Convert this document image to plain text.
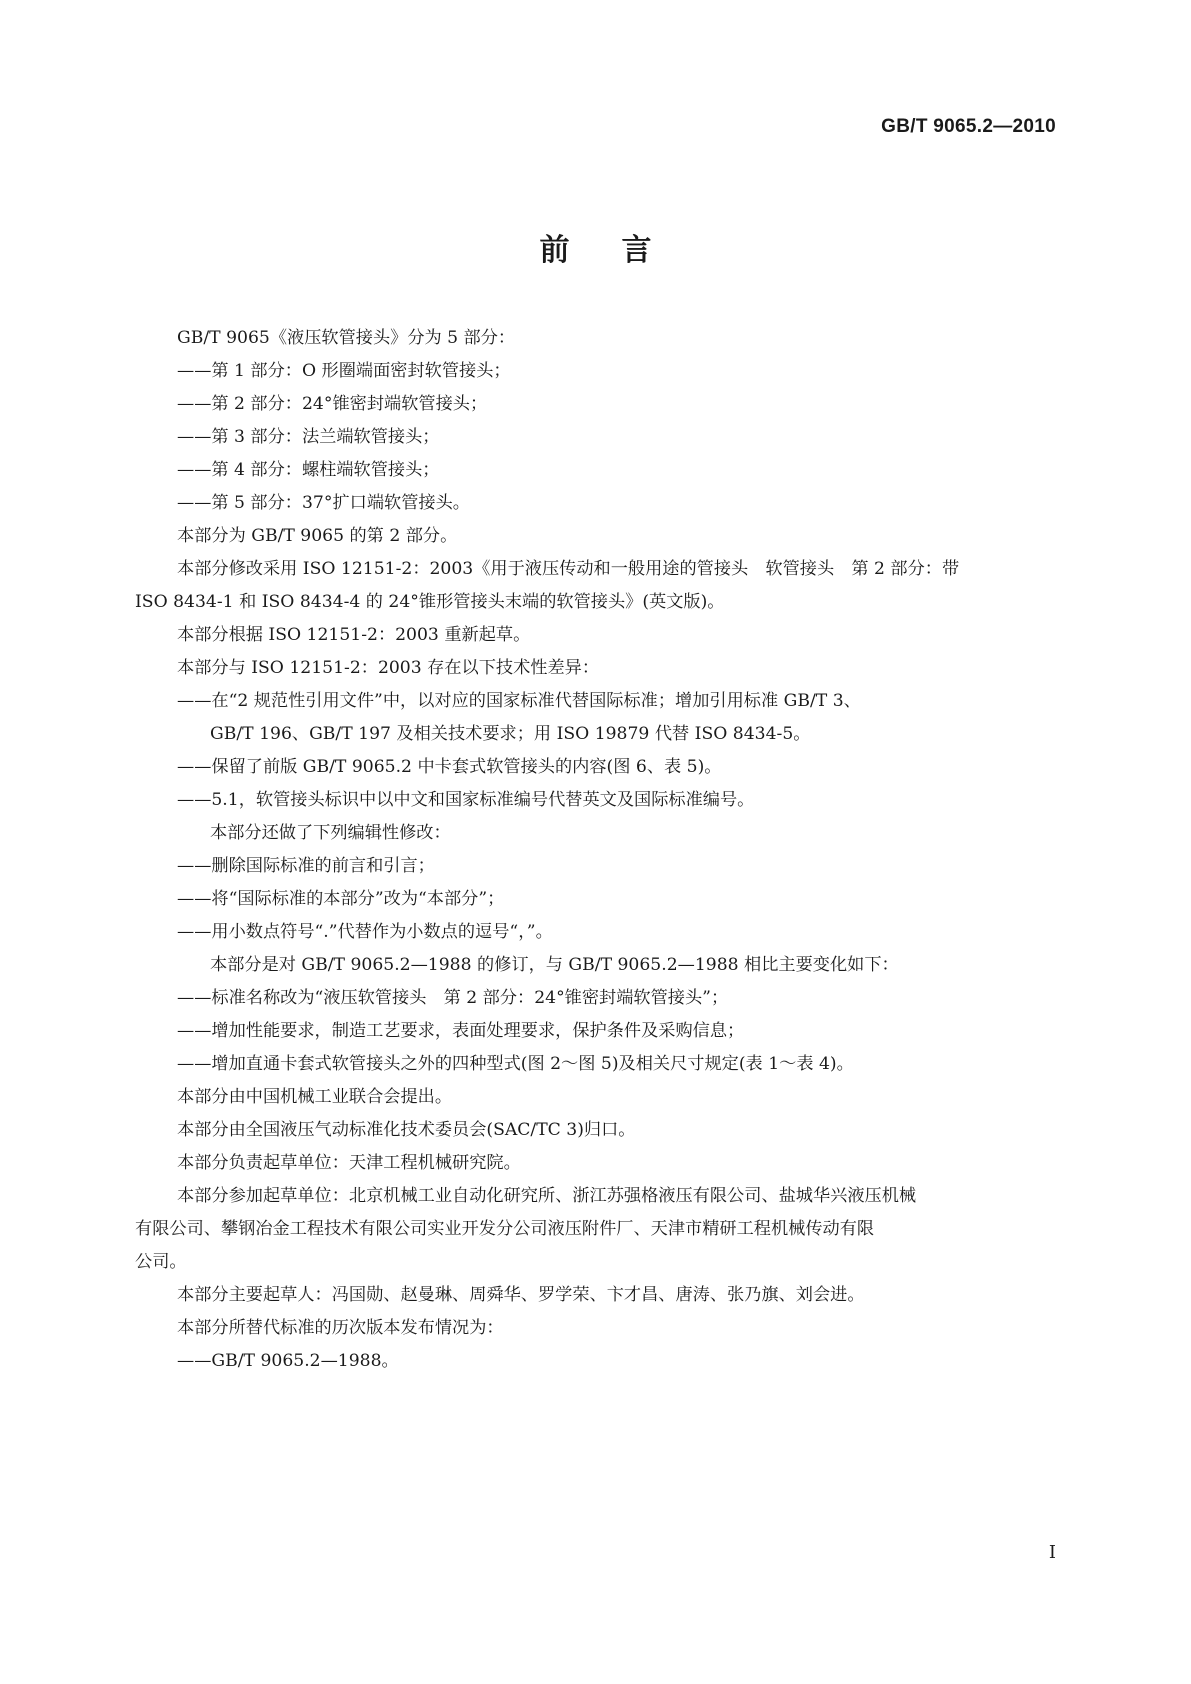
GB/T 9065.2—2010
前言

GB/T 9065《液压软管接头》分为 5 部分：

——第 1 部分：O 形圈端面密封软管接头；

——第 2 部分：24°锥密封端软管接头；

——第 3 部分：法兰端软管接头；

——第 4 部分：螺柱端软管接头；

——第 5 部分：37°扩口端软管接头。

本部分为 GB/T 9065 的第 2 部分。

本部分修改采用 ISO 12151-2：2003《用于液压传动和一般用途的管接头　软管接头　第 2 部分：带

ISO 8434-1 和 ISO 8434-4 的 24°锥形管接头末端的软管接头》(英文版)。

本部分根据 ISO 12151-2：2003 重新起草。

本部分与 ISO 12151-2：2003 存在以下技术性差异：

——在“2 规范性引用文件”中，以对应的国家标准代替国际标准；增加引用标准 GB/T 3、

GB/T 196、GB/T 197 及相关技术要求；用 ISO 19879 代替 ISO 8434-5。

——保留了前版 GB/T 9065.2 中卡套式软管接头的内容(图 6、表 5)。

——5.1，软管接头标识中以中文和国家标准编号代替英文及国际标准编号。

本部分还做了下列编辑性修改：

——删除国际标准的前言和引言；

——将“国际标准的本部分”改为“本部分”；

——用小数点符号“.”代替作为小数点的逗号“，”。

本部分是对 GB/T 9065.2—1988 的修订，与 GB/T 9065.2—1988 相比主要变化如下：

——标准名称改为“液压软管接头　第 2 部分：24°锥密封端软管接头”；

——增加性能要求，制造工艺要求，表面处理要求，保护条件及采购信息；

——增加直通卡套式软管接头之外的四种型式(图 2～图 5)及相关尺寸规定(表 1～表 4)。

本部分由中国机械工业联合会提出。

本部分由全国液压气动标准化技术委员会(SAC/TC 3)归口。

本部分负责起草单位：天津工程机械研究院。

本部分参加起草单位：北京机械工业自动化研究所、浙江苏强格液压有限公司、盐城华兴液压机械

有限公司、攀钢冶金工程技术有限公司实业开发分公司液压附件厂、天津市精研工程机械传动有限

公司。

本部分主要起草人：冯国勋、赵曼琳、周舜华、罗学荣、卞才昌、唐涛、张乃旗、刘会进。

本部分所替代标准的历次版本发布情况为：

——GB/T 9065.2—1988。

I
